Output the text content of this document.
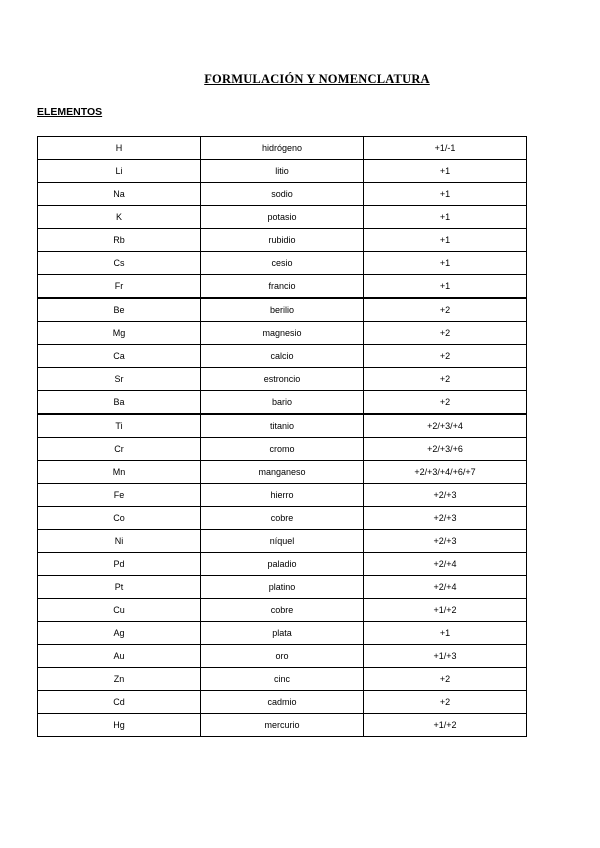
FORMULACIÓN Y NOMENCLATURA
ELEMENTOS
H	hidrógeno	+1/-1
Li	litio	+1
Na	sodio	+1
K	potasio	+1
Rb	rubidio	+1
Cs	cesio	+1
Fr	francio	+1
Be	berilio	+2
Mg	magnesio	+2
Ca	calcio	+2
Sr	estroncio	+2
Ba	bario	+2
Ti	titanio	+2/+3/+4
Cr	cromo	+2/+3/+6
Mn	manganeso	+2/+3/+4/+6/+7
Fe	hierro	+2/+3
Co	cobre	+2/+3
Ni	níquel	+2/+3
Pd	paladio	+2/+4
Pt	platino	+2/+4
Cu	cobre	+1/+2
Ag	plata	+1
Au	oro	+1/+3
Zn	cinc	+2
Cd	cadmio	+2
Hg	mercurio	+1/+2
